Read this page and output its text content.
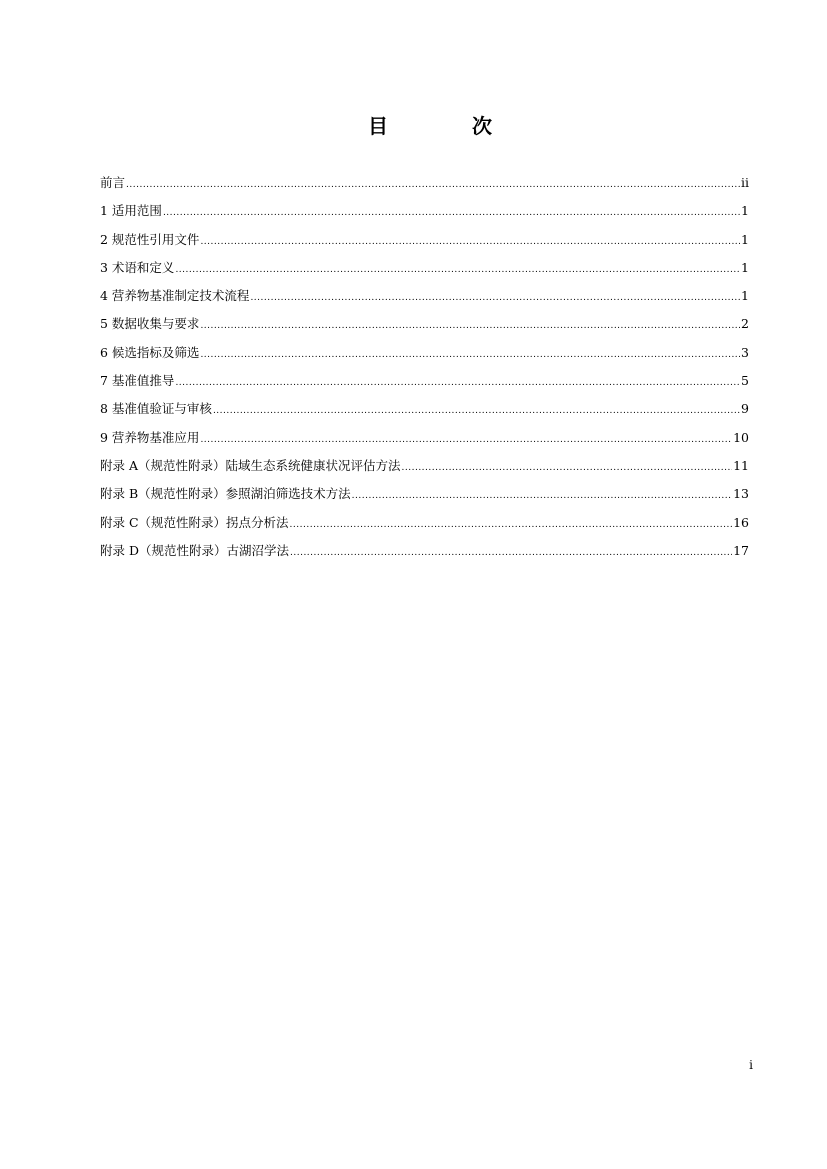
目　次
前言 .....	ii
1 适用范围 .....	1
2 规范性引用文件 .....	1
3 术语和定义 .....	1
4 营养物基准制定技术流程 .....	1
5 数据收集与要求 .....	2
6 候选指标及筛选 .....	3
7 基准值推导 .....	5
8 基准值验证与审核 .....	9
9 营养物基准应用 .....	10
附录 A（规范性附录）陆域生态系统健康状况评估方法 .....	11
附录 B（规范性附录）参照湖泊筛选技术方法 .....	13
附录 C（规范性附录）拐点分析法 .....	16
附录 D（规范性附录）古湖沼学法 .....	17
i
